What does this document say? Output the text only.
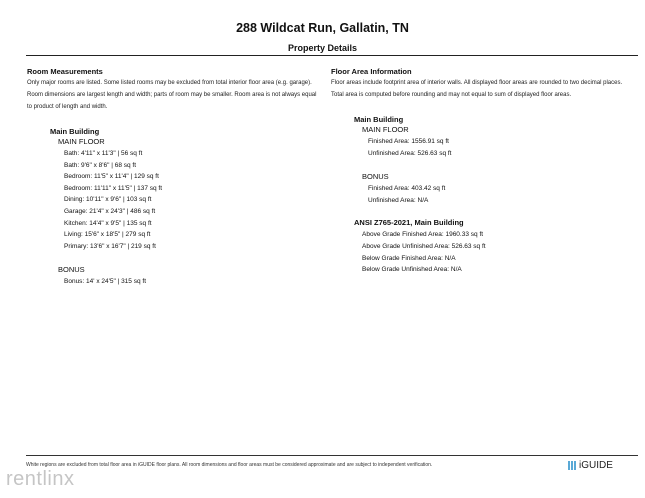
288 Wildcat Run, Gallatin, TN
Property Details
Room Measurements

Only major rooms are listed. Some listed rooms may be excluded from total interior floor area (e.g. garage). Room dimensions are largest length and width; parts of room may be smaller. Room area is not always equal to product of length and width.

Main Building
MAIN FLOOR
Bath: 4'11" x 11'3" | 56 sq ft
Bath: 9'6" x 8'6" | 68 sq ft
Bedroom: 11'5" x 11'4" | 129 sq ft
Bedroom: 11'11" x 11'5" | 137 sq ft
Dining: 10'11" x 9'6" | 103 sq ft
Garage: 21'4" x 24'3" | 486 sq ft
Kitchen: 14'4" x 9'5" | 135 sq ft
Living: 15'6" x 18'5" | 279 sq ft
Primary: 13'6" x 16'7" | 219 sq ft
BONUS
Bonus: 14' x 24'5" | 315 sq ft
Floor Area Information

Floor areas include footprint area of interior walls. All displayed floor areas are rounded to two decimal places. Total area is computed before rounding and may not equal to sum of displayed floor areas.

Main Building
MAIN FLOOR
Finished Area: 1556.91 sq ft
Unfinished Area: 526.63 sq ft
BONUS
Finished Area: 403.42 sq ft
Unfinished Area: N/A
ANSI Z765-2021, Main Building
Above Grade Finished Area: 1960.33 sq ft
Above Grade Unfinished Area: 526.63 sq ft
Below Grade Finished Area: N/A
Below Grade Unfinished Area: N/A
White regions are excluded from total floor area in iGUIDE floor plans. All room dimensions and floor areas must be considered approximate and are subject to independent verification.	iGUIDE
rentlinx
